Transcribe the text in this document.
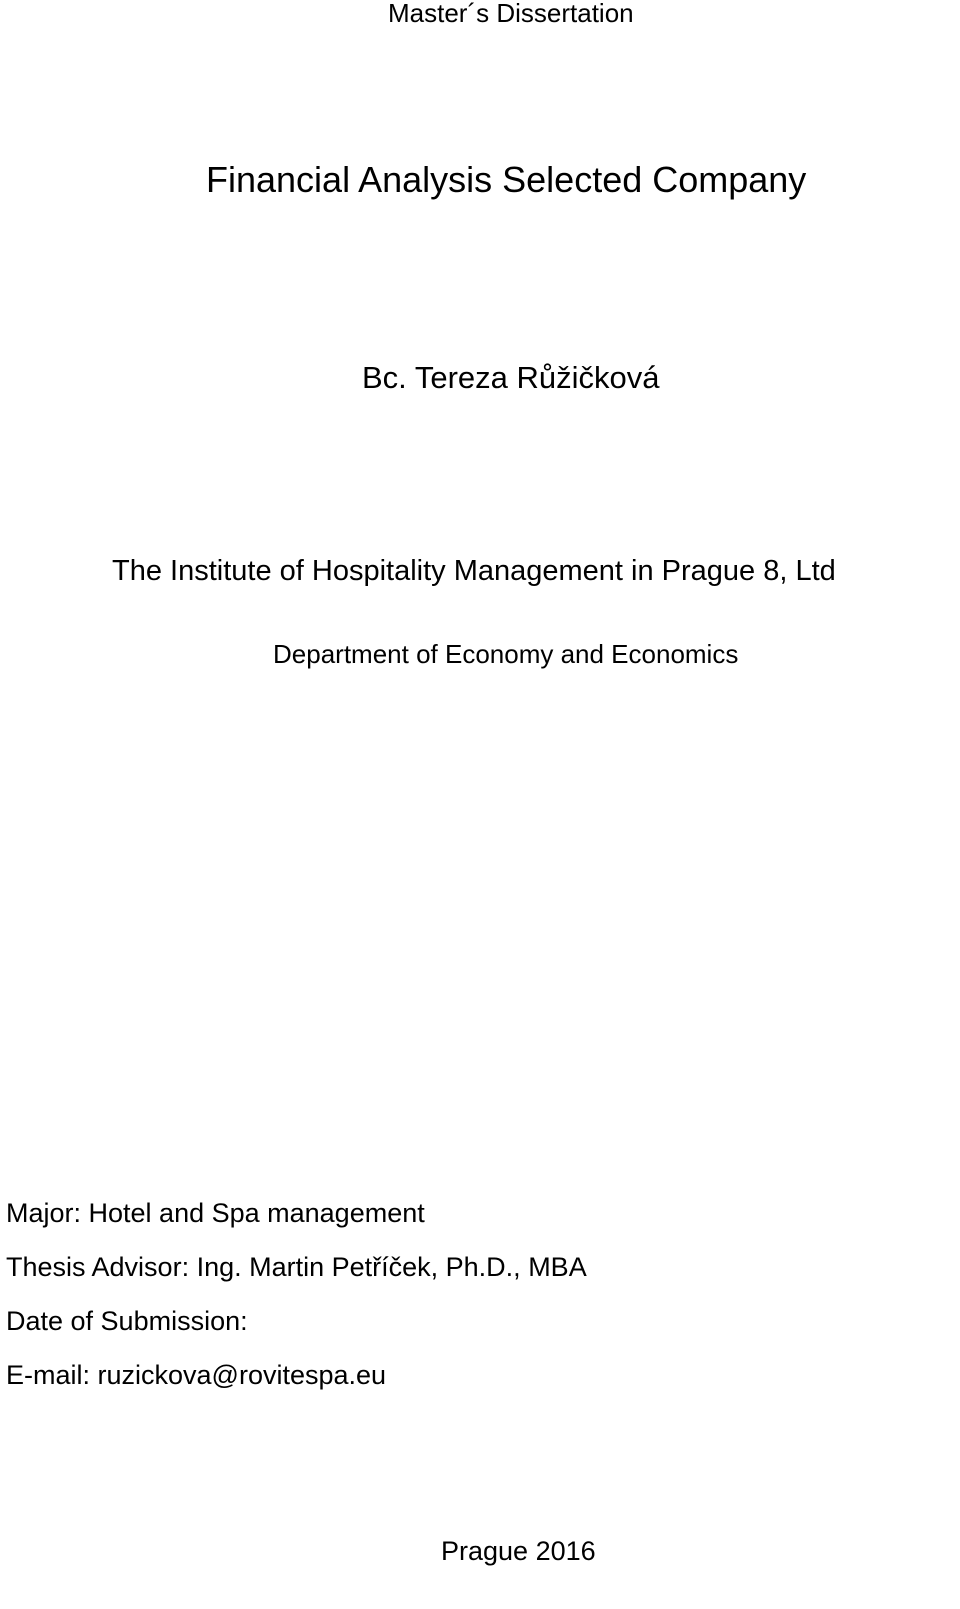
Master´s Dissertation
Financial Analysis Selected Company
Bc. Tereza Růžičková
The Institute of Hospitality Management in Prague 8, Ltd
Department of Economy and Economics
Major: Hotel and Spa management
Thesis Advisor: Ing. Martin Petříček, Ph.D., MBA
Date of Submission:
E-mail: ruzickova@rovitespa.eu
Prague 2016
